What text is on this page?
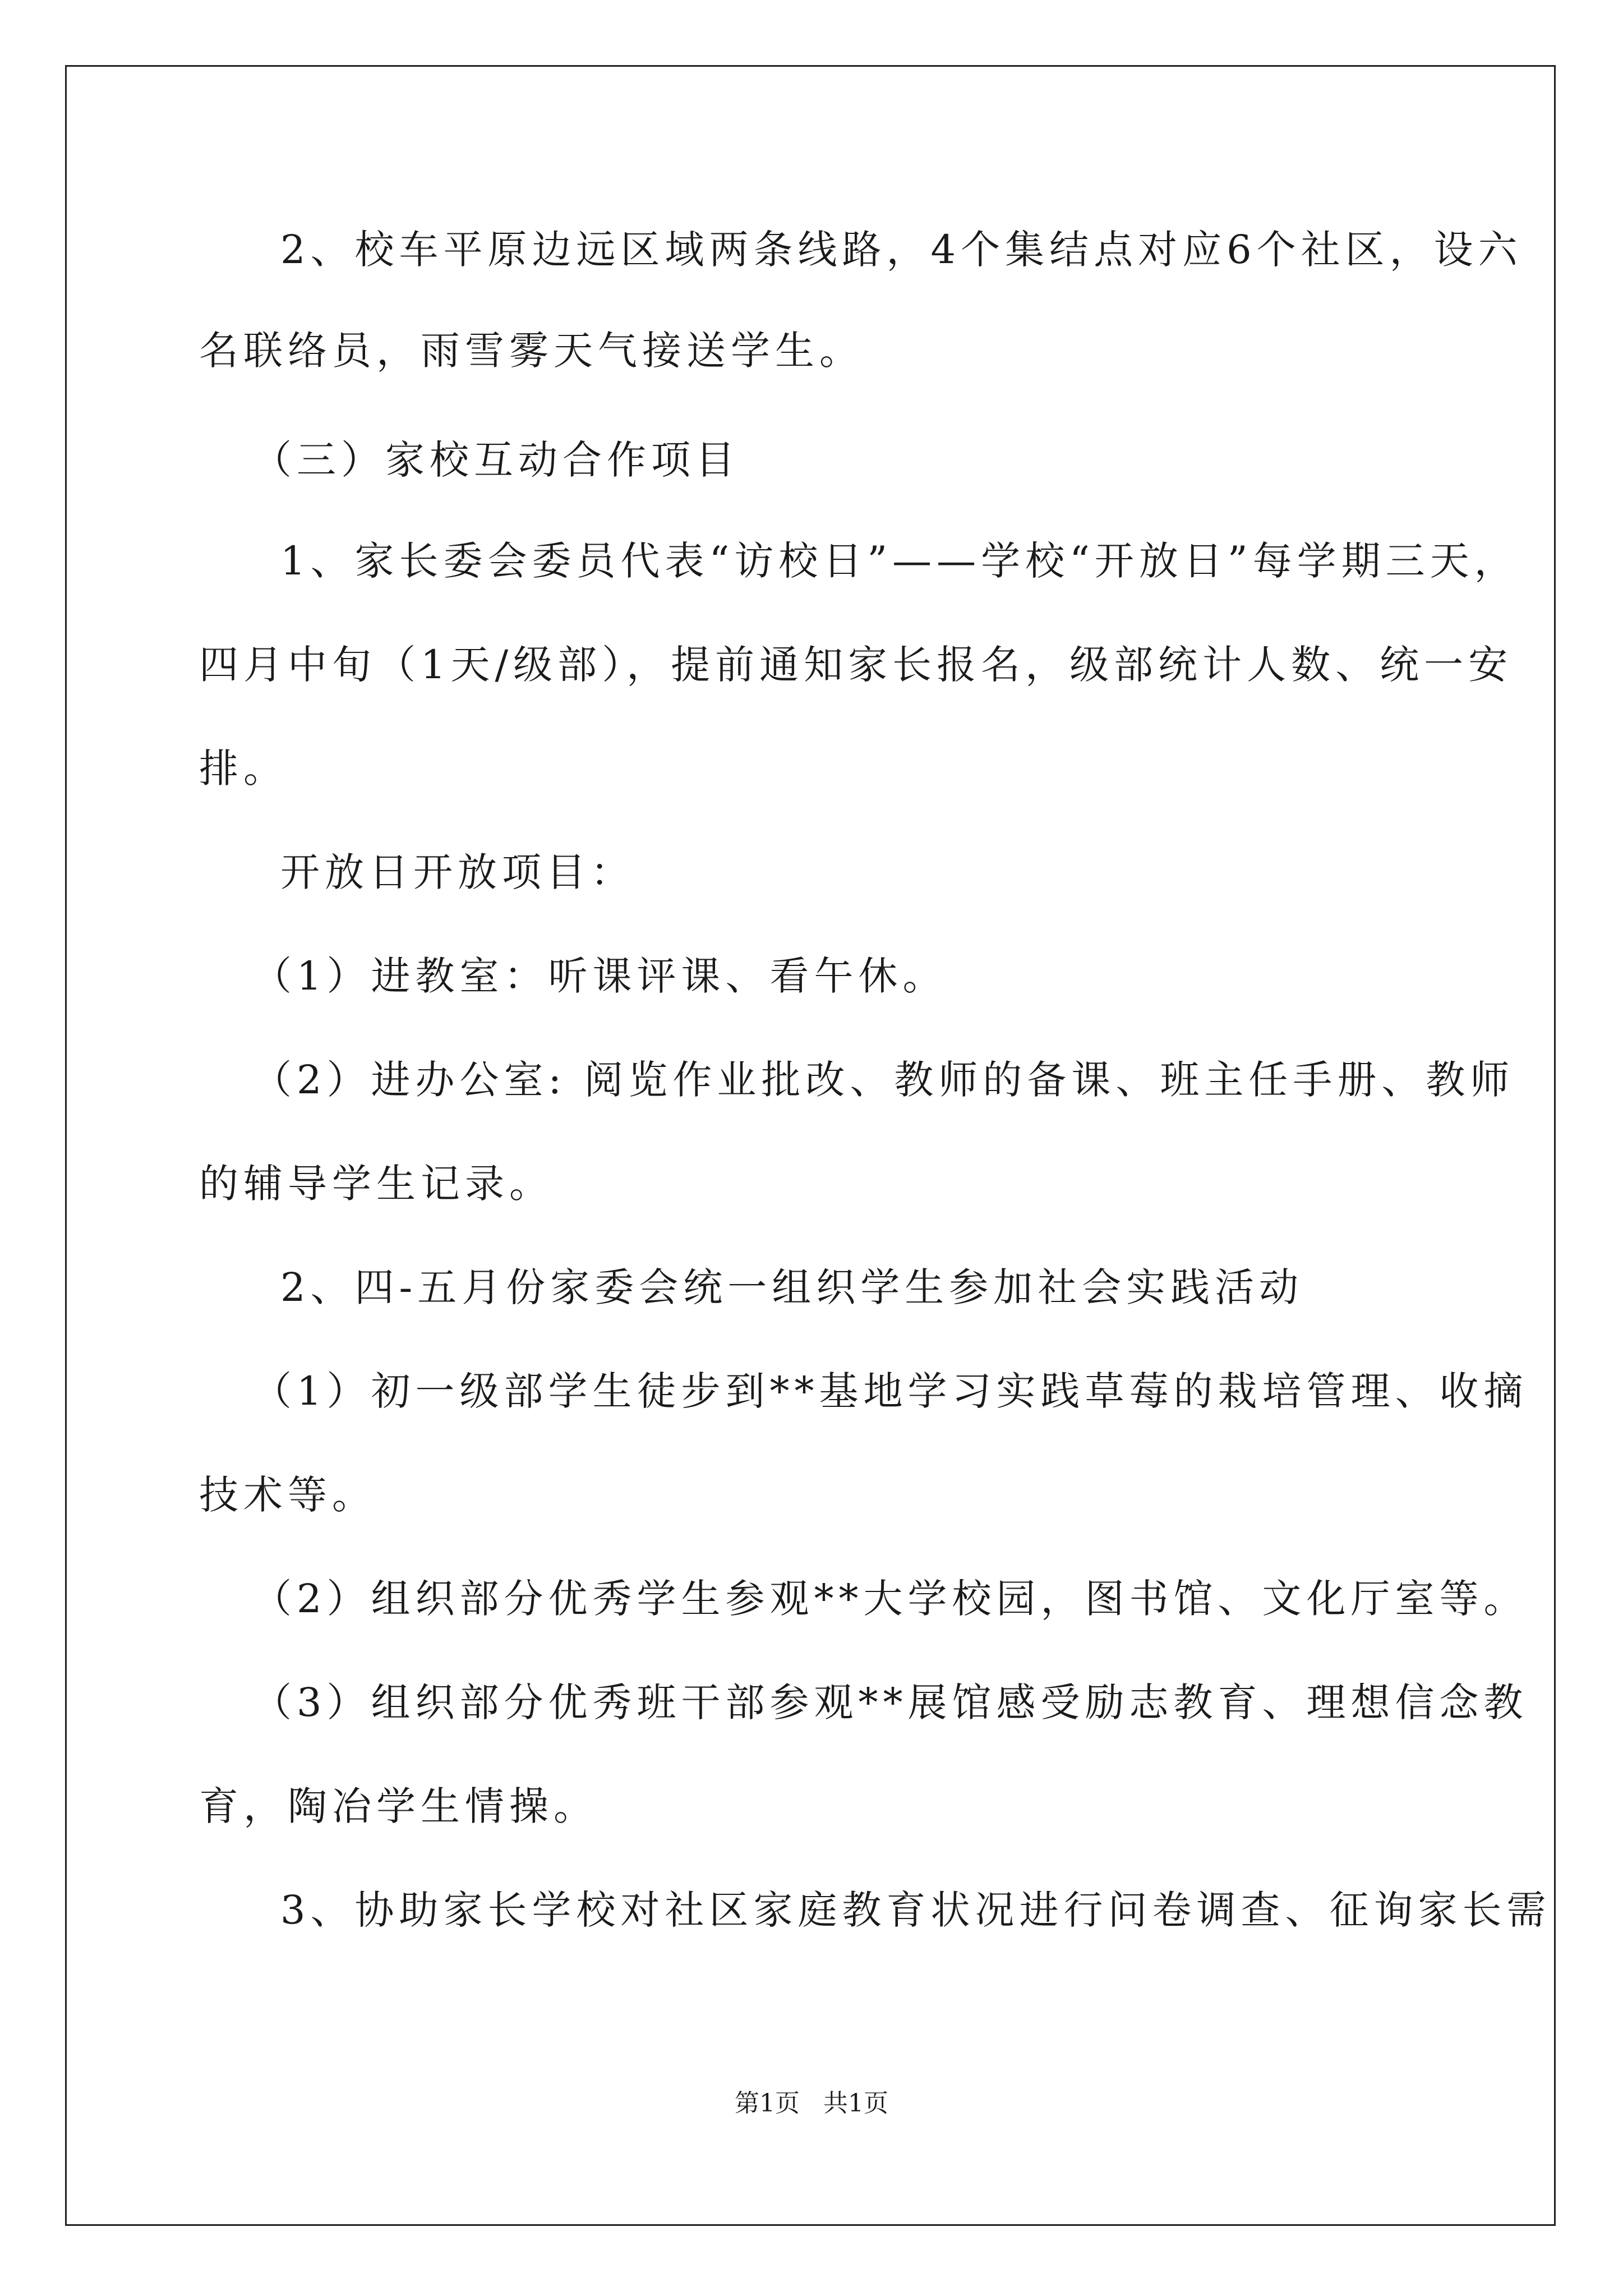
2、校车平原边远区域两条线路，4个集结点对应6个社区，设六
名联络员，雨雪雾天气接送学生。
（三）家校互动合作项目
1、家长委会委员代表“访校日”——学校“开放日”每学期三天，
四月中旬（1天/级部），提前通知家长报名，级部统计人数、统一安
排。
开放日开放项目：
（1）进教室：听课评课、看午休。
（2）进办公室: 阅览作业批改、教师的备课、班主任手册、教师
的辅导学生记录。
2、四-五月份家委会统一组织学生参加社会实践活动
（1）初一级部学生徒步到**基地学习实践草莓的栽培管理、收摘
技术等。
（2）组织部分优秀学生参观**大学校园，图书馆、文化厅室等。
（3）组织部分优秀班干部参观**展馆感受励志教育、理想信念教
育，陶冶学生情操。
3、协助家长学校对社区家庭教育状况进行问卷调查、征询家长需
第1页 共1页
